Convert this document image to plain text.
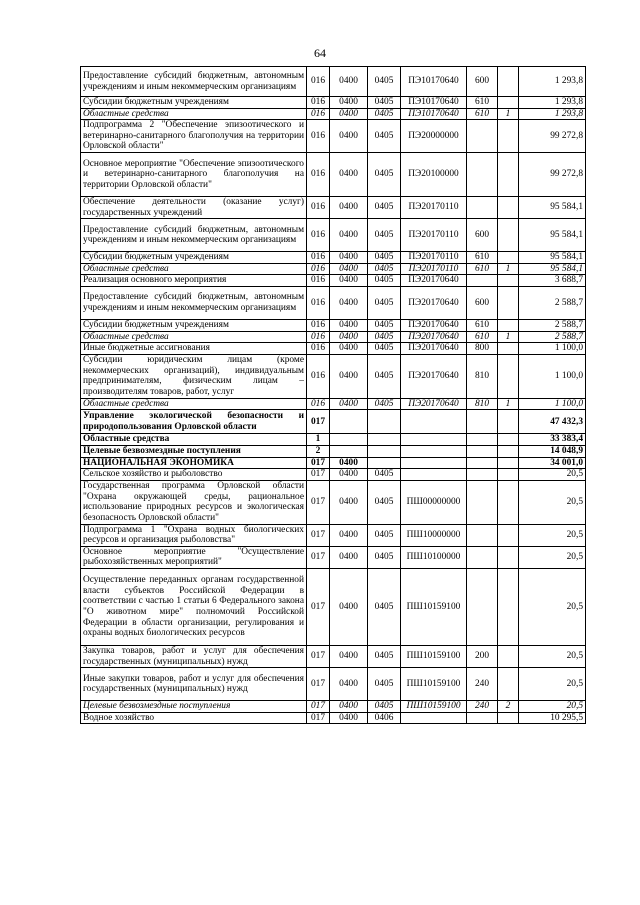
64
Предоставление субсидий бюджетным, автономным учреждениям и иным некоммерческим организациям	016	0400	0405	ПЭ10170640	600		1 293,8
Субсидии бюджетным учреждениям	016	0400	0405	ПЭ10170640	610		1 293,8
Областные средства	016	0400	0405	ПЭ10170640	610	1	1 293,8
Подпрограмма 2 "Обеспечение эпизоотического и ветеринарно-санитарного благополучия на территории Орловской области"	016	0400	0405	ПЭ20000000			99 272,8
Основное мероприятие "Обеспечение эпизоотического и ветеринарно-санитарного благополучия на территории Орловской области"	016	0400	0405	ПЭ20100000			99 272,8
Обеспечение деятельности (оказание услуг) государственных учреждений	016	0400	0405	ПЭ20170110			95 584,1
Предоставление субсидий бюджетным, автономным учреждениям и иным некоммерческим организациям	016	0400	0405	ПЭ20170110	600		95 584,1
Субсидии бюджетным учреждениям	016	0400	0405	ПЭ20170110	610		95 584,1
Областные средства	016	0400	0405	ПЭ20170110	610	1	95 584,1
Реализация основного мероприятия	016	0400	0405	ПЭ20170640			3 688,7
Предоставление субсидий бюджетным, автономным учреждениям и иным некоммерческим организациям	016	0400	0405	ПЭ20170640	600		2 588,7
Субсидии бюджетным учреждениям	016	0400	0405	ПЭ20170640	610		2 588,7
Областные средства	016	0400	0405	ПЭ20170640	610	1	2 588,7
Иные бюджетные ассигнования	016	0400	0405	ПЭ20170640	800		1 100,0
Субсидии юридическим лицам (кроме некоммерческих организаций), индивидуальным предпринимателям, физическим лицам – производителям товаров, работ, услуг	016	0400	0405	ПЭ20170640	810		1 100,0
Областные средства	016	0400	0405	ПЭ20170640	810	1	1 100,0
Управление экологической безопасности и природопользования Орловской области	017						47 432,3
Областные средства	1						33 383,4
Целевые безвозмездные поступления	2						14 048,9
НАЦИОНАЛЬНАЯ ЭКОНОМИКА	017	0400					34 001,0
Сельское хозяйство и рыболовство	017	0400	0405				20,5
Государственная программа Орловской области "Охрана окружающей среды, рациональное использование природных ресурсов и экологическая безопасность Орловской области"	017	0400	0405	ПШ00000000			20,5
Подпрограмма 1 "Охрана водных биологических ресурсов и организация рыболовства"	017	0400	0405	ПШ10000000			20,5
Основное мероприятие "Осуществление рыбохозяйственных мероприятий"	017	0400	0405	ПШ10100000			20,5
Осуществление переданных органам государственной власти субъектов Российской Федерации в соответствии с частью 1 статьи 6 Федерального закона "О животном мире" полномочий Российской Федерации в области организации, регулирования и охраны водных биологических ресурсов	017	0400	0405	ПШ10159100			20,5
Закупка товаров, работ и услуг для обеспечения государственных (муниципальных) нужд	017	0400	0405	ПШ10159100	200		20,5
Иные закупки товаров, работ и услуг для обеспечения государственных (муниципальных) нужд	017	0400	0405	ПШ10159100	240		20,5
Целевые безвозмездные поступления	017	0400	0405	ПШ10159100	240	2	20,5
Водное хозяйство	017	0400	0406				10 295,5
